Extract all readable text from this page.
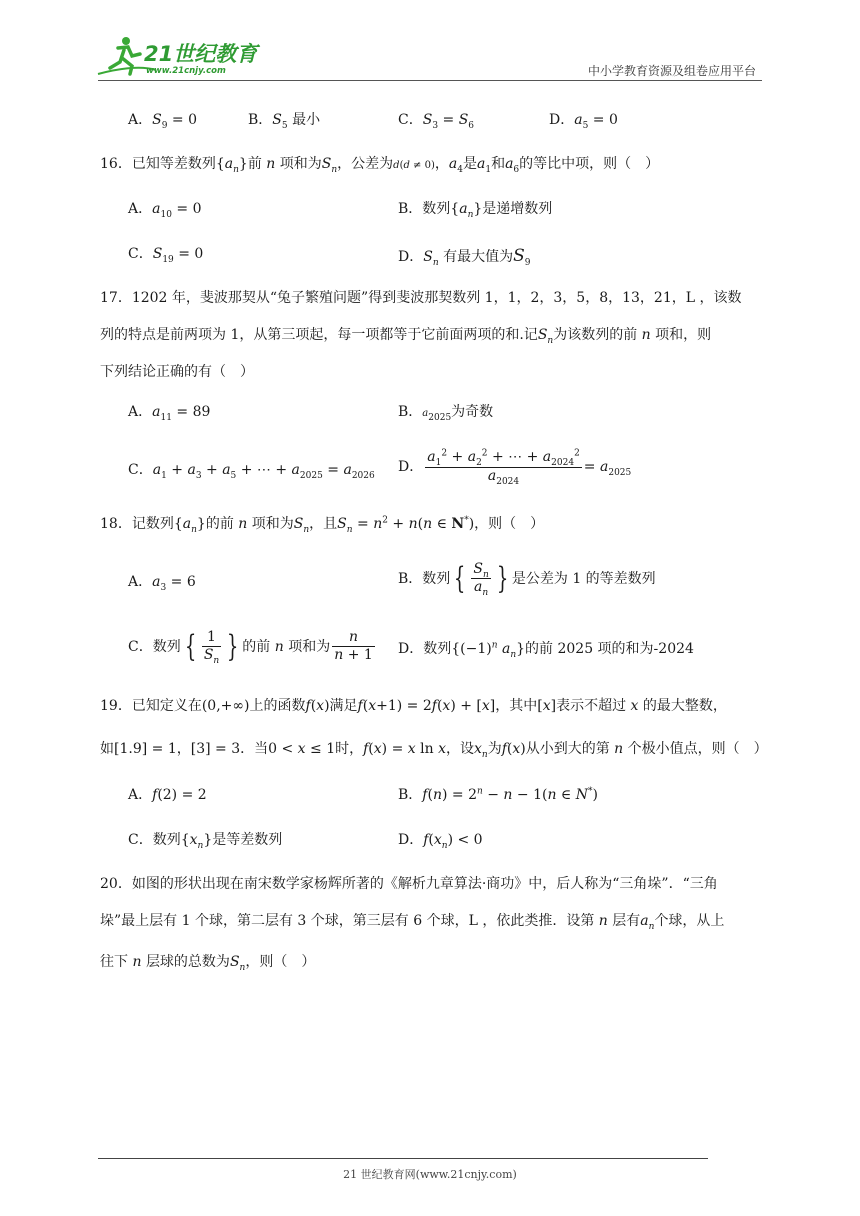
21世纪教育
www.21cnjy.com	中小学教育资源及组卷应用平台
A．$S_9 = 0$	B．$S_5$ 最小	C．$S_3 = S_6$	D．$a_5 = 0$
16．已知等差数列$\{a_n\}$前 n 项和为$S_n$，公差为d(d ≠ 0)，$a_4$是$a_1$和$a_6$的等比中项，则（　）
A．$a_{10} = 0$	B．数列$\{a_n\}$是递增数列
C．$S_{19} = 0$	D．$S_n$ 有最大值为$S_9$
17．1202 年，斐波那契从“兔子繁殖问题”得到斐波那契数列 1，1，2，3，5，8，13，21，L ，该数
列的特点是前两项为 1，从第三项起，每一项都等于它前面两项的和.记$S_n$为该数列的前 n 项和，则
下列结论正确的有（　）
A．$a_{11} = 89$	B．$a_{2025}$为奇数
C．$a_1 + a_3 + a_5$ + ⋯ + $a_{2025} = a_{2026}$
D． $\frac{a_1^2 + a_2^2 + \cdots + a_{2024}^2}{a_{2024}} = a_{2025}$
18．记数列$\{a_n\}$的前 n 项和为$S_n$，且$S_n = n^2 + n(n$ ∈ N*)，则（　）
A．$a_3 = 6$	B．数列 { $\frac{S_n}{a_n}$ } 是公差为 1 的等差数列
C．数列 { $\frac{1}{S_n}$ } 的前 n 项和为 $\frac{n}{n + 1}$ D．数列{$(-1)^n$ $a_n$}的前 2025 项的和为-2024
19．已知定义在(0,+∞)上的函数f(x)满足f(x+1) = 2f(x) + [x]，其中[x]表示不超过 x 的最大整数，
如[1.9] = 1，[3] = 3．当0 < x ≤ 1时，f(x) = x ln x，设$x_n$为f(x)从小到大的第 n 个极小值点，则（　）
A．f(2) = 2	B．$f(n) = 2^n - n - 1(n$ ∈ N*)
C．数列$\{x_n\}$是等差数列	D．$f(x_n) < 0$
20．如图的形状出现在南宋数学家杨辉所著的《解析九章算法·商功》中，后人称为“三角垛”．“三角
垛”最上层有 1 个球，第二层有 3 个球，第三层有 6 个球，L ，依此类推．设第 n 层有$a_n$个球，从上
往下 n 层球的总数为$S_n$，则（　）
21 世纪教育网(www.21cnjy.com)
